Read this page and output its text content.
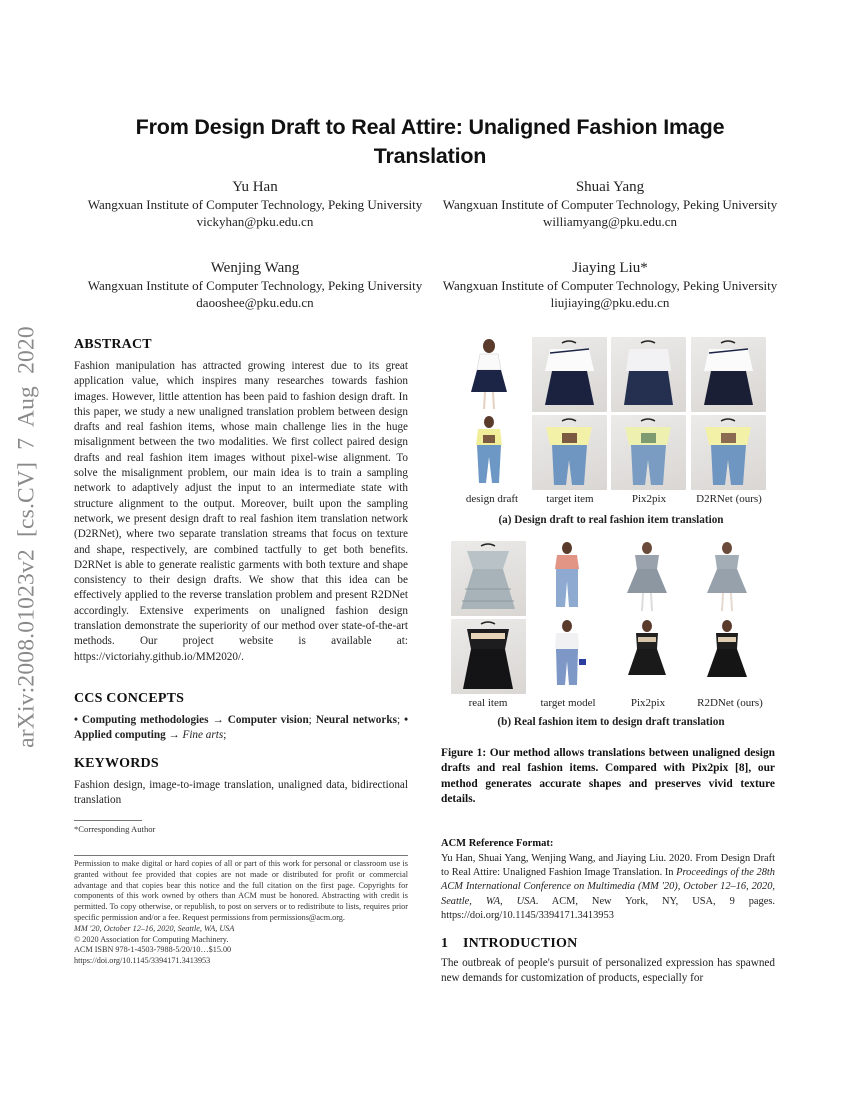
arXiv:2008.01023v2 [cs.CV] 7 Aug 2020
From Design Draft to Real Attire: Unaligned Fashion Image Translation
Yu Han
Wangxuan Institute of Computer Technology, Peking University
vickyhan@pku.edu.cn
Shuai Yang
Wangxuan Institute of Computer Technology, Peking University
williamyang@pku.edu.cn
Wenjing Wang
Wangxuan Institute of Computer Technology, Peking University
daooshee@pku.edu.cn
Jiaying Liu*
Wangxuan Institute of Computer Technology, Peking University
liujiaying@pku.edu.cn
ABSTRACT
Fashion manipulation has attracted growing interest due to its great application value, which inspires many researches towards fashion images. However, little attention has been paid to fashion design draft. In this paper, we study a new unaligned translation problem between design drafts and real fashion items, whose main challenge lies in the huge misalignment between the two modalities. We first collect paired design drafts and real fashion item images without pixel-wise alignment. To solve the misalignment problem, our main idea is to train a sampling network to adaptively adjust the input to an intermediate state with structure alignment to the output. Moreover, built upon the sampling network, we present design draft to real fashion item translation network (D2RNet), where two separate translation streams that focus on texture and shape, respectively, are combined tactfully to get both benefits. D2RNet is able to generate realistic garments with both texture and shape consistency to their design drafts. We show that this idea can be effectively applied to the reverse translation problem and present R2DNet accordingly. Extensive experiments on unaligned fashion design translation demonstrate the superiority of our method over state-of-the-art methods. Our project website is available at: https://victoriahy.github.io/MM2020/.
CCS CONCEPTS
• Computing methodologies → Computer vision; Neural networks; • Applied computing → Fine arts;
KEYWORDS
Fashion design, image-to-image translation, unaligned data, bidirectional translation
*Corresponding Author
Permission to make digital or hard copies of all or part of this work for personal or classroom use is granted without fee provided that copies are not made or distributed for profit or commercial advantage and that copies bear this notice and the full citation on the first page. Copyrights for components of this work owned by others than ACM must be honored. Abstracting with credit is permitted. To copy otherwise, or republish, to post on servers or to redistribute to lists, requires prior specific permission and/or a fee. Request permissions from permissions@acm.org.
MM '20, October 12–16, 2020, Seattle, WA, USA
© 2020 Association for Computing Machinery.
ACM ISBN 978-1-4503-7988-5/20/10…$15.00
https://doi.org/10.1145/3394171.3413953
design draft	target item	Pix2pix	D2RNet (ours)
(a) Design draft to real fashion item translation
real item	target model	Pix2pix	R2DNet (ours)
(b) Real fashion item to design draft translation
Figure 1: Our method allows translations between unaligned design drafts and real fashion items. Compared with Pix2pix [8], our method generates accurate shapes and preserves vivid texture details.
ACM Reference Format:
Yu Han, Shuai Yang, Wenjing Wang, and Jiaying Liu. 2020. From Design Draft to Real Attire: Unaligned Fashion Image Translation. In Proceedings of the 28th ACM International Conference on Multimedia (MM '20), October 12–16, 2020, Seattle, WA, USA. ACM, New York, NY, USA, 9 pages. https://doi.org/10.1145/3394171.3413953
1 INTRODUCTION
The outbreak of people's pursuit of personalized expression has spawned new demands for customization of products, especially for
